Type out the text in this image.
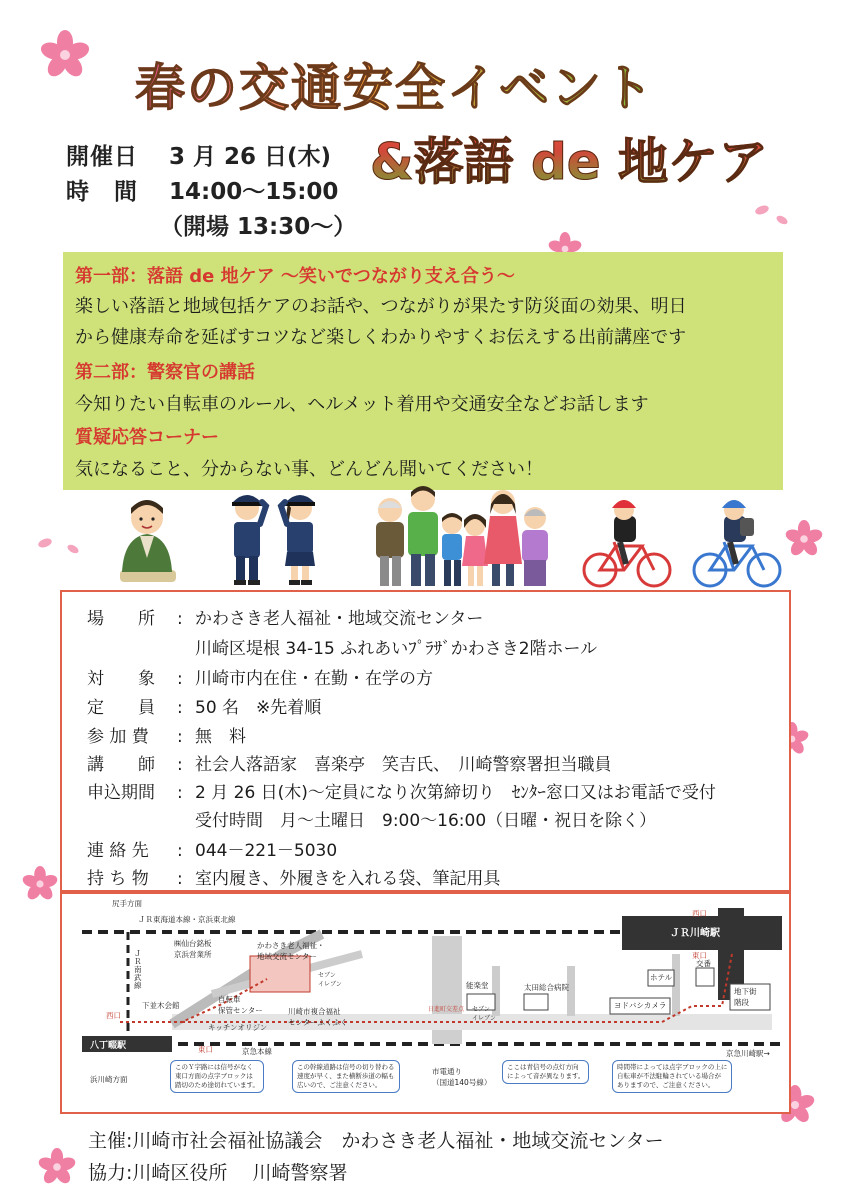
春の交通安全イベント
&落語 de 地ケア
開催日 3 月 26 日(木)
時　間 14:00〜15:00
（開場 13:30〜）
第一部：落語 de 地ケア ～笑いでつながり支え合う～
楽しい落語と地域包括ケアのお話や、つながりが果たす防災面の効果、明日
から健康寿命を延ばすコツなど楽しくわかりやすくお伝えする出前講座です
第二部：警察官の講話
今知りたい自転車のルール、ヘルメット着用や交通安全などお話します
質疑応答コーナー
気になること、分からない事、どんどん聞いてください！
場　　所 : かわさき老人福祉・地域交流センター
川崎区堤根 34-15 ふれあいﾌﾟﾗｻﾞかわさき2階ホール
対　　象 : 川崎市内在住・在勤・在学の方
定　　員 : 50 名　※先着順
参 加 費 : 無　料
講　　師 : 社会人落語家　喜楽亭　笑吉氏、　川崎警察署担当職員
申込期間 : 2 月 26 日(木)～定員になり次第締切り　ｾﾝﾀｰ窓口又はお電話で受付
受付時間　月～土曜日　9:00～16:00（日曜・祝日を除く）
連 絡 先 : 044－221－5030
持 ち 物 : 室内履き、外履きを入れる袋、筆記用具
尻手方面
ＪＲ東海道本線・京浜東北線
ＪＲ南武線
㈱仙台銘板
京浜営業所
かわさき老人福祉・
地域交流センター
セブン
イレブン
下並木会館
自転車
保管センター
キッチンオリジン
川崎市複合福祉
センターふくふく
西口
東口
八丁畷駅
浜川崎方面
京急本線
能楽堂	太田総合病院
日進町交差点 セブン
イレブン
市電通り
（国道140号線）
ホテル
交番
ヨドバシカメラ
地下街
階段
西口
東口
ＪＲ川崎駅
京急川崎駅→
このＹ字路には信号がなく
東口方面の点字ブロックは
踏切のため途切れています。
この幹線道路は信号の切り替わる
速度が早く、また横断歩道の幅も
広いので、ご注意ください。
ここは青信号の点灯方向
によって音が異なります。
時間帯によっては点字ブロックの上に
自転車が不法駐輪されている場合が
ありますので、ご注意ください。
主催:川崎市社会福祉協議会　かわさき老人福祉・地域交流センター
協力:川崎区役所　 川崎警察署
